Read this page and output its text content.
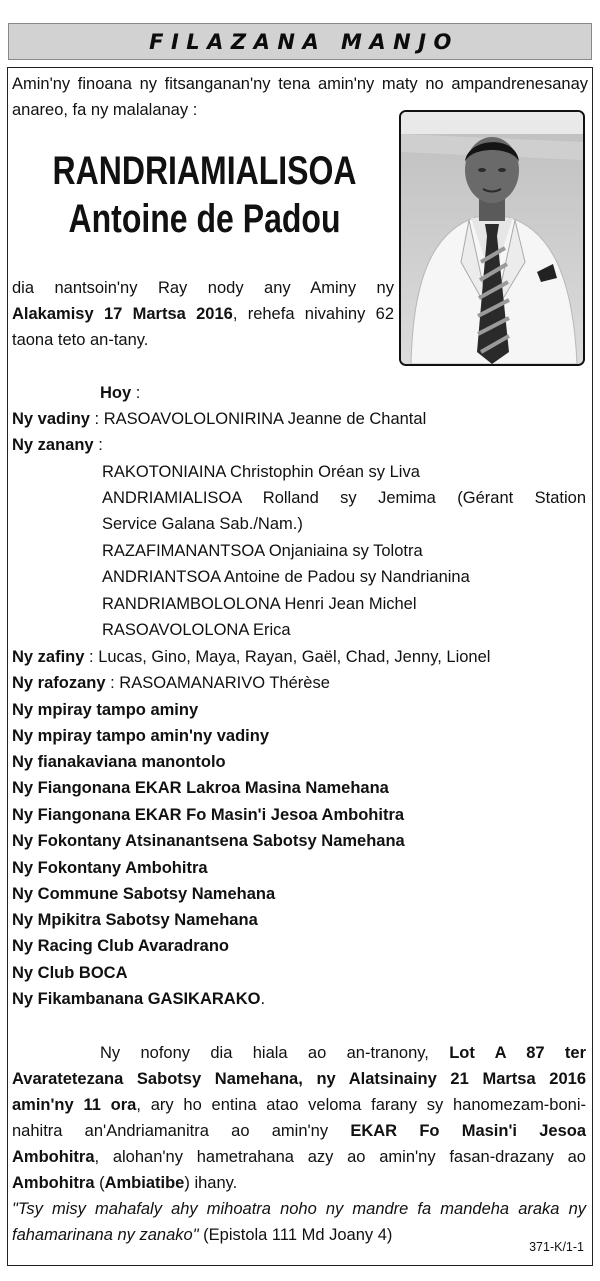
FILAZANA MANJO
Amin'ny finoana ny fitsanganan'ny tena amin'ny maty no ampandrenesanay
anareo, fa ny malalanay :
RANDRIAMIALISOA
Antoine de Padou
dia nantsoin'ny Ray nody any Aminy ny
Alakamisy 17 Martsa 2016, rehefa nivahiny 62
taona teto an-tany.
Hoy :
Ny vadiny : RASOAVOLOLONIRINA Jeanne de Chantal
Ny zanany :
RAKOTONIAINA Christophin Oréan sy Liva
ANDRIAMIALISOA Rolland sy Jemima (Gérant Station
Service Galana Sab./Nam.)
RAZAFIMANANTSOA Onjaniaina sy Tolotra
ANDRIANTSOA Antoine de Padou sy Nandrianina
RANDRIAMBOLOLONA Henri Jean Michel
RASOAVOLOLONA Erica
Ny zafiny : Lucas, Gino, Maya, Rayan, Gaël, Chad, Jenny, Lionel
Ny rafozany : RASOAMANARIVO Thérèse
Ny mpiray tampo aminy
Ny mpiray tampo amin'ny vadiny
Ny fianakaviana manontolo
Ny Fiangonana EKAR Lakroa Masina Namehana
Ny Fiangonana EKAR Fo Masin'i Jesoa Ambohitra
Ny Fokontany Atsinanantsena Sabotsy Namehana
Ny Fokontany Ambohitra
Ny Commune Sabotsy Namehana
Ny Mpikitra Sabotsy Namehana
Ny Racing Club Avaradrano
Ny Club BOCA
Ny Fikambanana GASIKARAKO.
Ny nofony dia hiala ao an-tranony, Lot A 87 ter
Avaratetezana Sabotsy Namehana, ny Alatsinainy 21 Martsa 2016
amin'ny 11 ora, ary ho entina atao veloma farany sy hanomezam-boni-
nahitra an'Andriamanitra ao amin'ny EKAR Fo Masin'i Jesoa
Ambohitra, alohan'ny hametrahana azy ao amin'ny fasan-drazany ao
Ambohitra (Ambiatibe) ihany.
"Tsy misy mahafaly ahy mihoatra noho ny mandre fa mandeha araka ny
fahamarinana ny zanako" (Epistola 111 Md Joany 4)
371-K/1-1
